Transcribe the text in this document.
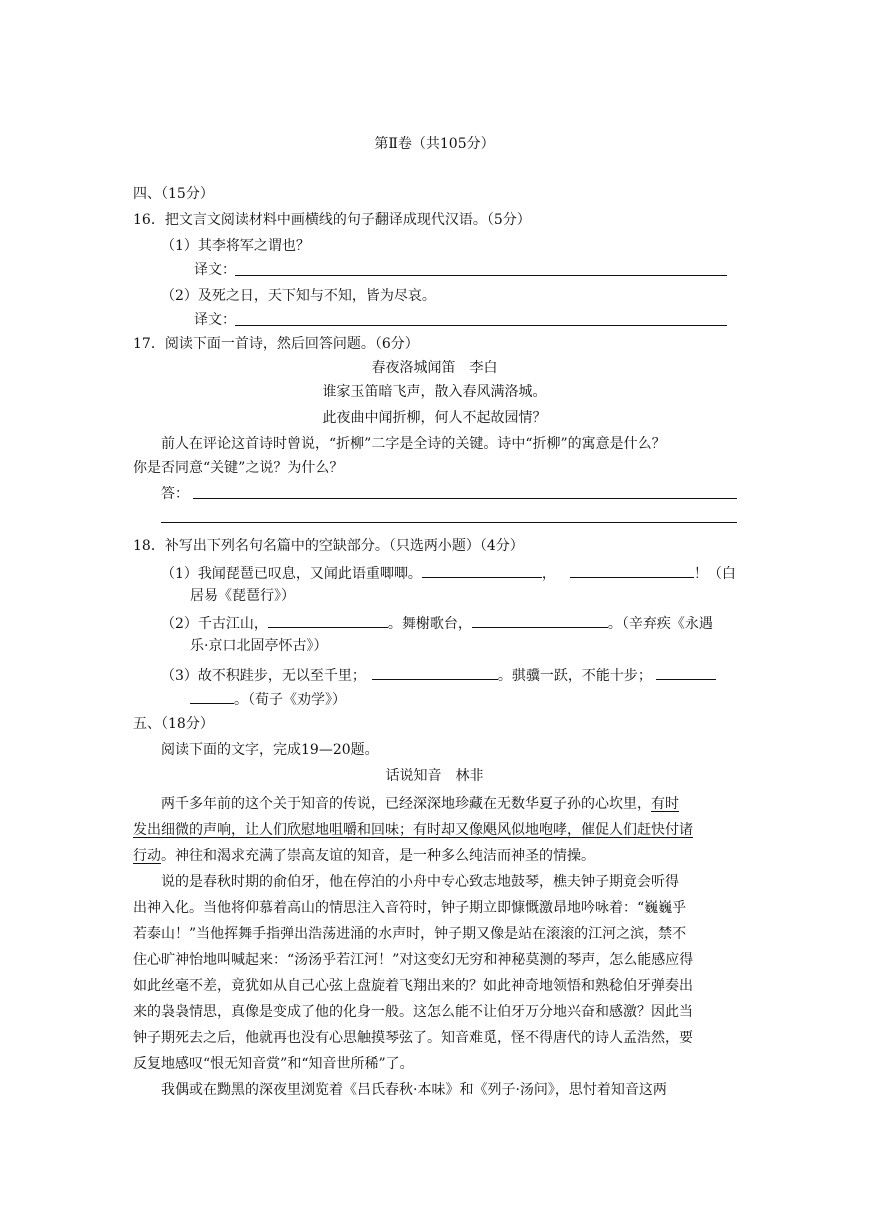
第Ⅱ卷（共105分）
四、（15分）
16．把文言文阅读材料中画横线的句子翻译成现代汉语。（5分）
（1）其李将军之谓也？
译文：
（2）及死之日，天下知与不知，皆为尽哀。
译文：
17．阅读下面一首诗，然后回答问题。（6分）
春夜洛城闻笛　李白
谁家玉笛暗飞声，散入春风满洛城。
此夜曲中闻折柳，何人不起故园情？
前人在评论这首诗时曾说，“折柳”二字是全诗的关键。诗中“折柳”的寓意是什么？
你是否同意“关键”之说？为什么？
答：
18．补写出下列名句名篇中的空缺部分。（只选两小题）（4分）
（1）我闻琵琶已叹息，又闻此语重唧唧。	，	！（白
居易《琵琶行》）
（2）千古江山，	。舞榭歌台，	。（辛弃疾《永遇
乐·京口北固亭怀古》）
（3）故不积跬步，无以至千里；	。骐骥一跃，不能十步；
。（荀子《劝学》）
五、（18分）
阅读下面的文字，完成19—20题。
话说知音　林非
两千多年前的这个关于知音的传说，已经深深地珍藏在无数华夏子孙的心坎里，有时
发出细微的声响，让人们欣慰地咀嚼和回味；有时却又像飓风似地咆哮，催促人们赶快付诸
行动。神往和渴求充满了崇高友谊的知音，是一种多么纯洁而神圣的情操。
说的是春秋时期的俞伯牙，他在停泊的小舟中专心致志地鼓琴，樵夫钟子期竟会听得
出神入化。当他将仰慕着高山的情思注入音符时，钟子期立即慷慨激昂地吟咏着：“巍巍乎
若泰山！”当他挥舞手指弹出浩荡进涌的水声时，钟子期又像是站在滚滚的江河之滨，禁不
住心旷神怡地叫喊起来：“汤汤乎若江河！”对这变幻无穷和神秘莫测的琴声，怎么能感应得
如此丝毫不差，竟犹如从自己心弦上盘旋着飞翔出来的？如此神奇地领悟和熟稔伯牙弹奏出
来的袅袅情思，真像是变成了他的化身一般。这怎么能不让伯牙万分地兴奋和感激？因此当
钟子期死去之后，他就再也没有心思触摸琴弦了。知音难觅，怪不得唐代的诗人孟浩然，要
反复地感叹“恨无知音赏”和“知音世所稀”了。
我偶或在黝黑的深夜里浏览着《吕氏春秋·本味》和《列子·汤问》，思忖着知音这两
